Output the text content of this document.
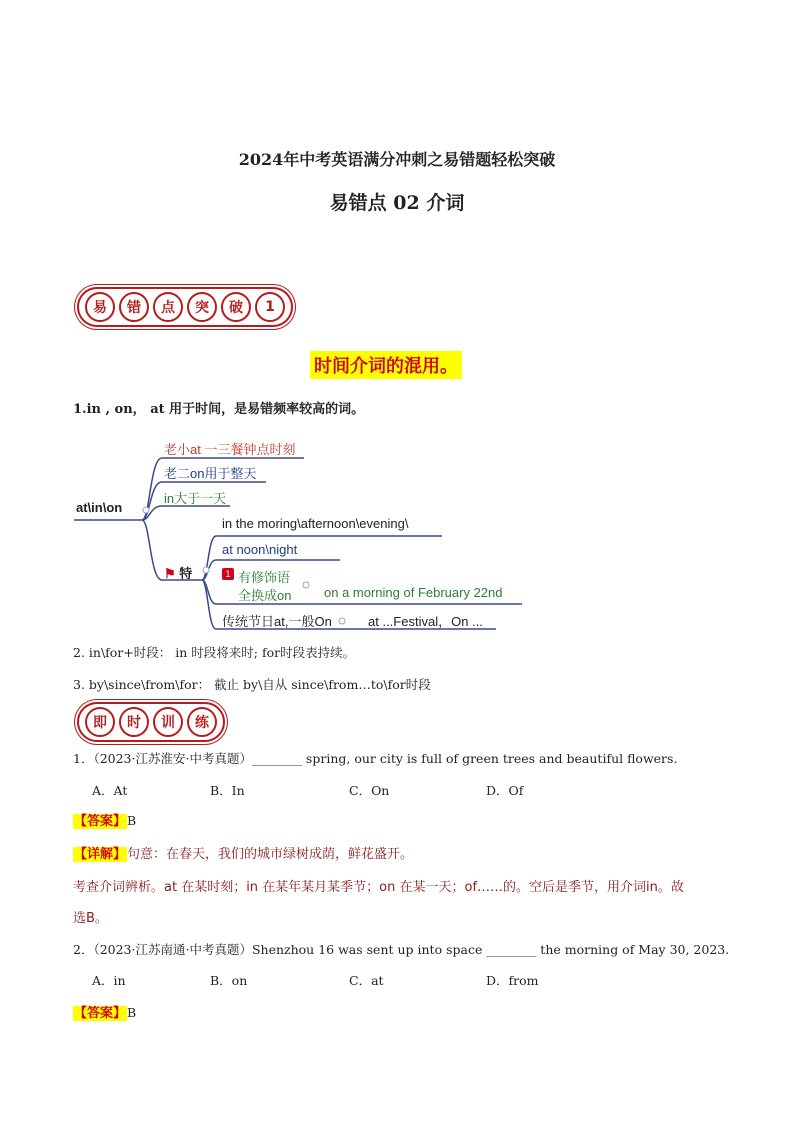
2024年中考英语满分冲刺之易错题轻松突破
易错点 02 介词
易	错	点	突	破	1
时间介词的混用。
1.in , on， at 用于时间，是易错频率较高的词。
at\in\on
老小at 一三餐钟点时刻
老二on用于整天
in大于一天
⚑ 特
in the moring\afternoon\evening\
at noon\night
1 有修饰语
全换成on	on a morning of February 22nd
传统节日at,一般On	at ...Festival，On ...
2. in\for+时段： in 时段将来时; for时段表持续。
3. by\since\from\for： 截止 by\自从 since\from…to\for时段
即	时	训	练
1．（2023·江苏淮安·中考真题）________ spring, our city is full of green trees and beautiful flowers.
A．At	B．In	C．On	D．Of
【答案】B
【详解】句意：在春天，我们的城市绿树成荫，鲜花盛开。
考查介词辨析。at 在某时刻；in 在某年某月某季节；on 在某一天；of……的。空后是季节，用介词in。故
选B。
2．（2023·江苏南通·中考真题）Shenzhou 16 was sent up into space ________ the morning of May 30, 2023.
A．in	B．on	C．at	D．from
【答案】B
